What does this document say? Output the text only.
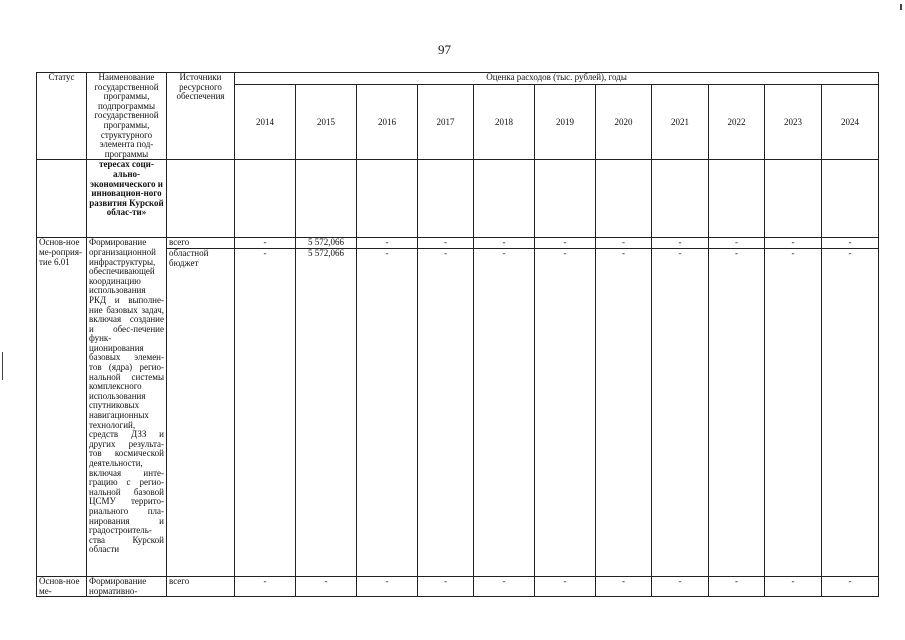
97
Статус	Наименование государственной программы, подпрограммы государственной программы, структурного элемента под-программы	Источники ресурсного обеспечения	Оценка расходов (тыс. рублей), годы										
			2014	2015	2016	2017	2018	2019	2020	2021	2022	2023	2024
	тересах соци-ально-экономического и инновацион-ного развития Курской облас-ти»												
Основ-ное ме-роприя-тие 6.01	Формирование организационной инфраструктуры, обеспечивающей координацию использования РКД и выполне-ние базовых задач, включая создание и обес-печение функ-ционирования базовых элемен-тов (ядра) регио-нальной системы комплексного использования спутниковых навигационных технологий, средств ДЗЗ и других результа-тов космической деятельности, включая инте-грацию с регио-нальной базовой ЦСМУ террито-риального пла-нирования и градостроитель-ства Курской области	всего	-	5 572,066	-	-	-	-	-	-	-	-	-
		областной бюджет	-	5 572,066	-	-	-	-	-	-	-	-	-
Основ-ное ме-	Формирование нормативно-	всего	-	-	-	-	-	-	-	-	-	-	-
